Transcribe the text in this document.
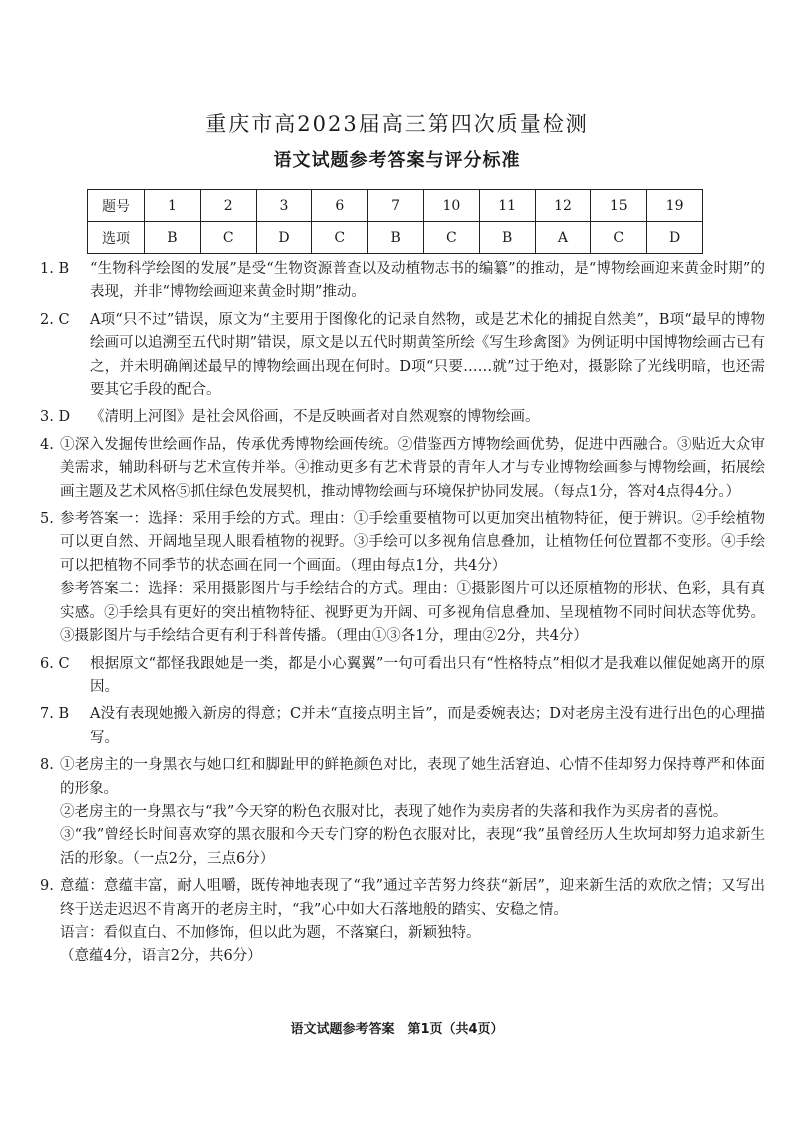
重庆市高2023届高三第四次质量检测
语文试题参考答案与评分标准
题号	1	2	3	6	7	10	11	12	15	19
选项	B	C	D	C	B	C	B	A	C	D
1. B	“生物科学绘图的发展”是受“生物资源普查以及动植物志书的编纂”的推动，是“博物绘画迎来黄金时期”的表现，并非“博物绘画迎来黄金时期”推动。

2. C	A项“只不过”错误，原文为“主要用于图像化的记录自然物，或是艺术化的捕捉自然美”，B项“最早的博物绘画可以追溯至五代时期”错误，原文是以五代时期黄筌所绘《写生珍禽图》为例证明中国博物绘画古已有之，并未明确阐述最早的博物绘画出现在何时。D项“只要……就”过于绝对，摄影除了光线明暗，也还需要其它手段的配合。

3. D	《清明上河图》是社会风俗画，不是反映画者对自然观察的博物绘画。

4. ①深入发掘传世绘画作品，传承优秀博物绘画传统。②借鉴西方博物绘画优势，促进中西融合。③贴近大众审美需求，辅助科研与艺术宣传并举。④推动更多有艺术背景的青年人才与专业博物绘画参与博物绘画，拓展绘画主题及艺术风格⑤抓住绿色发展契机，推动博物绘画与环境保护协同发展。（每点1分，答对4点得4分。）

5. 参考答案一：选择：采用手绘的方式。理由：①手绘重要植物可以更加突出植物特征，便于辨识。②手绘植物可以更自然、开阔地呈现人眼看植物的视野。③手绘可以多视角信息叠加，让植物任何位置都不变形。④手绘可以把植物不同季节的状态画在同一个画面。（理由每点1分，共4分）

参考答案二：选择：采用摄影图片与手绘结合的方式。理由：①摄影图片可以还原植物的形状、色彩，具有真实感。②手绘具有更好的突出植物特征、视野更为开阔、可多视角信息叠加、呈现植物不同时间状态等优势。③摄影图片与手绘结合更有利于科普传播。（理由①③各1分，理由②2分，共4分）

6. C	根据原文“都怪我跟她是一类，都是小心翼翼”一句可看出只有“性格特点”相似才是我难以催促她离开的原因。

7. B	A没有表现她搬入新房的得意；C并未“直接点明主旨”，而是委婉表达；D对老房主没有进行出色的心理描写。

8. ①老房主的一身黑衣与她口红和脚趾甲的鲜艳颜色对比，表现了她生活窘迫、心情不佳却努力保持尊严和体面的形象。

②老房主的一身黑衣与“我”今天穿的粉色衣服对比，表现了她作为卖房者的失落和我作为买房者的喜悦。

③“我”曾经长时间喜欢穿的黑衣服和今天专门穿的粉色衣服对比，表现“我”虽曾经历人生坎坷却努力追求新生活的形象。（一点2分，三点6分）

9. 意蕴：意蕴丰富，耐人咀嚼，既传神地表现了“我”通过辛苦努力终获“新居”，迎来新生活的欢欣之情；又写出终于送走迟迟不肯离开的老房主时，“我”心中如大石落地般的踏实、安稳之情。

语言：看似直白、不加修饰，但以此为题，不落窠臼，新颖独特。

（意蕴4分，语言2分，共6分）

语文试题参考答案　第1页（共4页）
